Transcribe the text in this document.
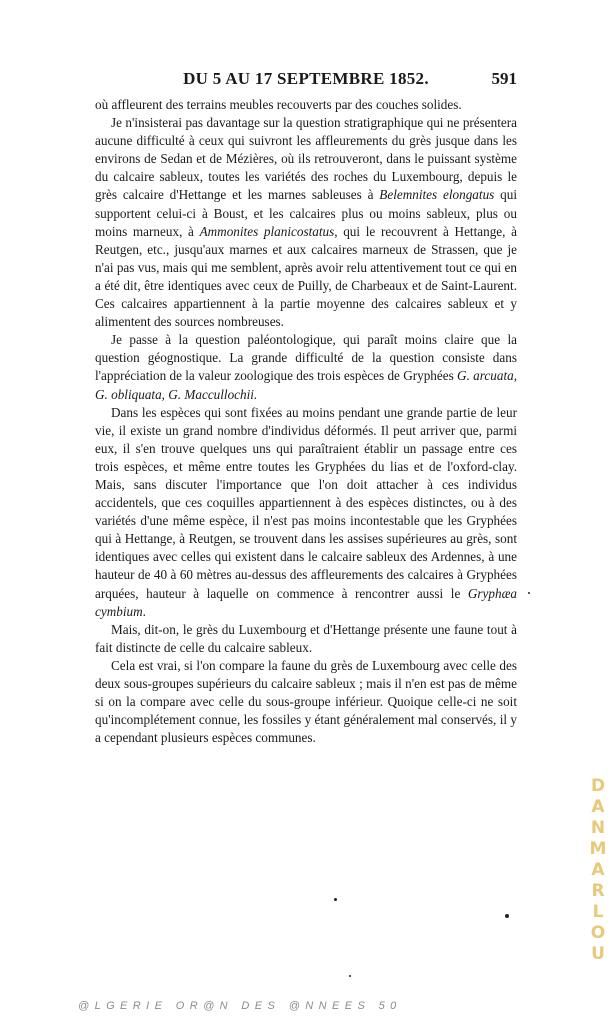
DU 5 AU 17 SEPTEMBRE 1852.	591

où affleurent des terrains meubles recouverts par des couches solides.

Je n'insisterai pas davantage sur la question stratigraphique qui ne présentera aucune difficulté à ceux qui suivront les affleurements du grès jusque dans les environs de Sedan et de Mézières, où ils retrouveront, dans le puissant système du calcaire sableux, toutes les variétés des roches du Luxembourg, depuis le grès calcaire d'Hettange et les marnes sableuses à Belemnites elongatus qui supportent celui-ci à Boust, et les calcaires plus ou moins sableux, plus ou moins marneux, à Ammonites planicostatus, qui le recouvrent à Hettange, à Reutgen, etc., jusqu'aux marnes et aux calcaires marneux de Strassen, que je n'ai pas vus, mais qui me semblent, après avoir relu attentivement tout ce qui en a été dit, être identiques avec ceux de Puilly, de Charbeaux et de Saint-Laurent. Ces calcaires appartiennent à la partie moyenne des calcaires sableux et y alimentent des sources nombreuses.

Je passe à la question paléontologique, qui paraît moins claire que la question géognostique. La grande difficulté de la question consiste dans l'appréciation de la valeur zoologique des trois espèces de Gryphées G. arcuata, G. obliquata, G. Maccullochii.

Dans les espèces qui sont fixées au moins pendant une grande partie de leur vie, il existe un grand nombre d'individus déformés. Il peut arriver que, parmi eux, il s'en trouve quelques uns qui paraîtraient établir un passage entre ces trois espèces, et même entre toutes les Gryphées du lias et de l'oxford-clay. Mais, sans discuter l'importance que l'on doit attacher à ces individus accidentels, que ces coquilles appartiennent à des espèces distinctes, ou à des variétés d'une même espèce, il n'est pas moins incontestable que les Gryphées qui à Hettange, à Reutgen, se trouvent dans les assises supérieures au grès, sont identiques avec celles qui existent dans le calcaire sableux des Ardennes, à une hauteur de 40 à 60 mètres au-dessus des affleurements des calcaires à Gryphées arquées, hauteur à laquelle on commence à rencontrer aussi le Gryphæa cymbium.

Mais, dit-on, le grès du Luxembourg et d'Hettange présente une faune tout à fait distincte de celle du calcaire sableux.

Cela est vrai, si l'on compare la faune du grès de Luxembourg avec celle des deux sous-groupes supérieurs du calcaire sableux ; mais il n'en est pas de même si on la compare avec celle du sous-groupe inférieur. Quoique celle-ci ne soit qu'incomplétement connue, les fossiles y étant généralement mal conservés, il y a cependant plusieurs espèces communes.

D
A
N
M
A
R
L
O
U
@LGERIE OR@N DES @NNEES 50
